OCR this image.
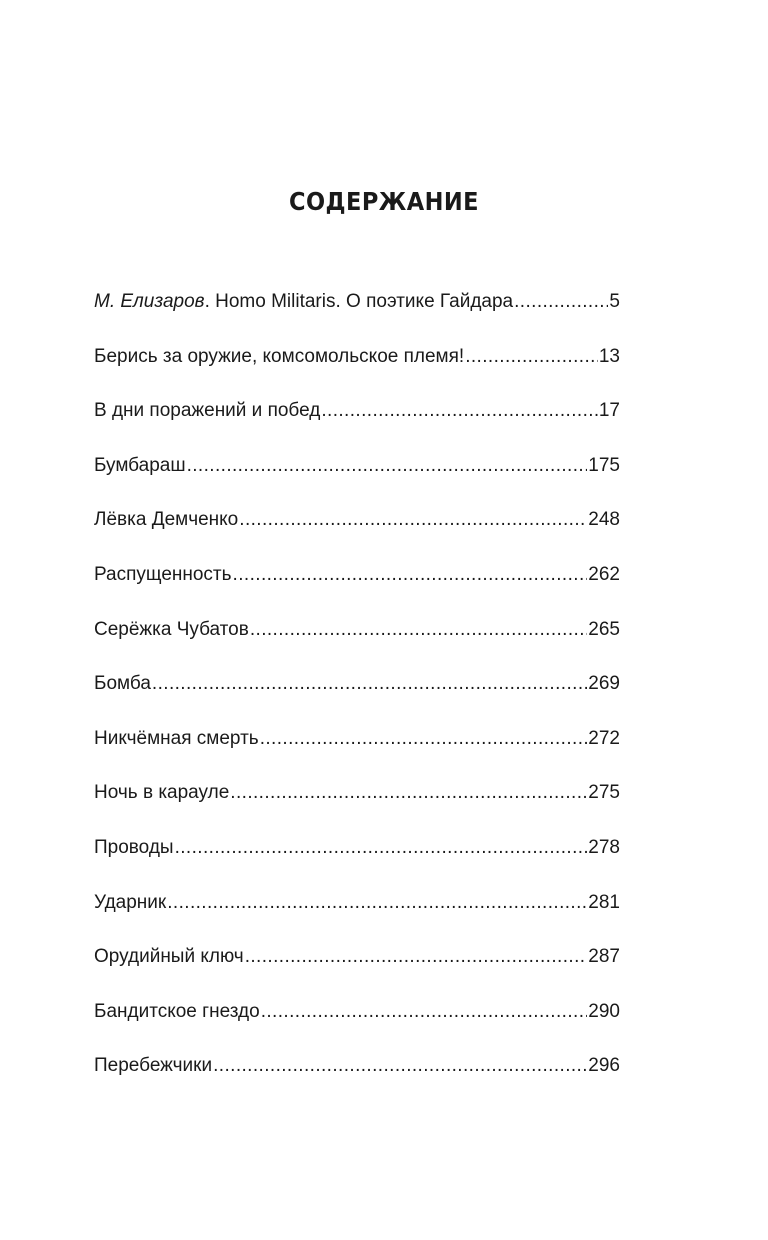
СОДЕРЖАНИЕ
М. Елизаров. Homo Militaris. О поэтике Гайдара .....	5
Берись за оружие, комсомольское племя! .....	13
В дни поражений и побед .....	17
Бумбараш .....	175
Лёвка Демченко .....	248
Распущенность .....	262
Серёжка Чубатов .....	265
Бомба .....	269
Никчёмная смерть .....	272
Ночь в карауле .....	275
Проводы .....	278
Ударник .....	281
Орудийный ключ .....	287
Бандитское гнездо .....	290
Перебежчики .....	296
